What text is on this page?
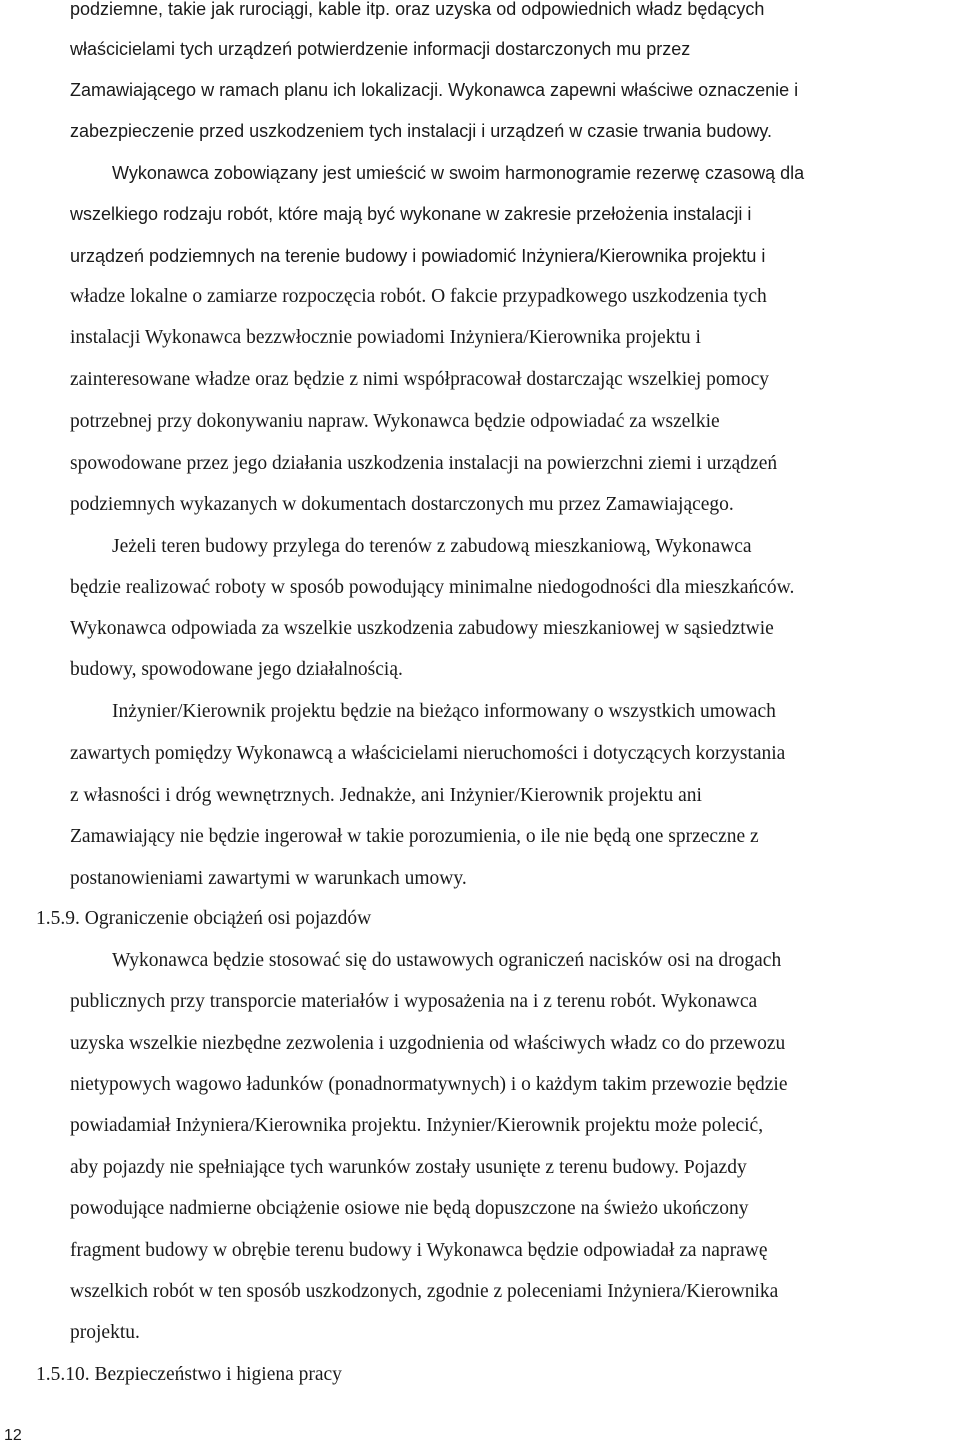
podziemne, takie jak rurociągi, kable itp. oraz uzyska od odpowiednich władz będących
właścicielami tych urządzeń potwierdzenie informacji dostarczonych mu przez
Zamawiającego w ramach planu ich lokalizacji. Wykonawca zapewni właściwe oznaczenie i
zabezpieczenie przed uszkodzeniem tych instalacji i urządzeń w czasie trwania budowy.
Wykonawca zobowiązany jest umieścić w swoim harmonogramie rezerwę czasową dla
wszelkiego rodzaju robót, które mają być wykonane w zakresie przełożenia instalacji i
urządzeń podziemnych na terenie budowy i powiadomić Inżyniera/Kierownika projektu i
władze lokalne o zamiarze rozpoczęcia robót. O fakcie przypadkowego uszkodzenia tych
instalacji Wykonawca bezzwłocznie powiadomi Inżyniera/Kierownika projektu i
zainteresowane władze oraz będzie z nimi współpracował dostarczając wszelkiej pomocy
potrzebnej przy dokonywaniu napraw. Wykonawca będzie odpowiadać za wszelkie
spowodowane przez jego działania uszkodzenia instalacji na powierzchni ziemi i urządzeń
podziemnych wykazanych w dokumentach dostarczonych mu przez Zamawiającego.
Jeżeli teren budowy przylega do terenów z zabudową mieszkaniową, Wykonawca
będzie realizować roboty w sposób powodujący minimalne niedogodności dla mieszkańców.
Wykonawca odpowiada za wszelkie uszkodzenia zabudowy mieszkaniowej w sąsiedztwie
budowy, spowodowane jego działalnością.
Inżynier/Kierownik projektu będzie na bieżąco informowany o wszystkich umowach
zawartych pomiędzy Wykonawcą a właścicielami nieruchomości i dotyczących korzystania
z własności i dróg wewnętrznych. Jednakże, ani Inżynier/Kierownik projektu ani
Zamawiający nie będzie ingerował w takie porozumienia, o ile nie będą one sprzeczne z
postanowieniami zawartymi w warunkach umowy.
1.5.9. Ograniczenie obciążeń osi pojazdów
Wykonawca będzie stosować się do ustawowych ograniczeń nacisków osi na drogach
publicznych przy transporcie materiałów i wyposażenia na i z terenu robót. Wykonawca
uzyska wszelkie niezbędne zezwolenia i uzgodnienia od właściwych władz co do przewozu
nietypowych wagowo ładunków (ponadnormatywnych) i o każdym takim przewozie będzie
powiadamiał Inżyniera/Kierownika projektu. Inżynier/Kierownik projektu może polecić,
aby pojazdy nie spełniające tych warunków zostały usunięte z terenu budowy. Pojazdy
powodujące nadmierne obciążenie osiowe nie będą dopuszczone na świeżo ukończony
fragment budowy w obrębie terenu budowy i Wykonawca będzie odpowiadał za naprawę
wszelkich robót w ten sposób uszkodzonych, zgodnie z poleceniami Inżyniera/Kierownika
projektu.
1.5.10. Bezpieczeństwo i higiena pracy
12
